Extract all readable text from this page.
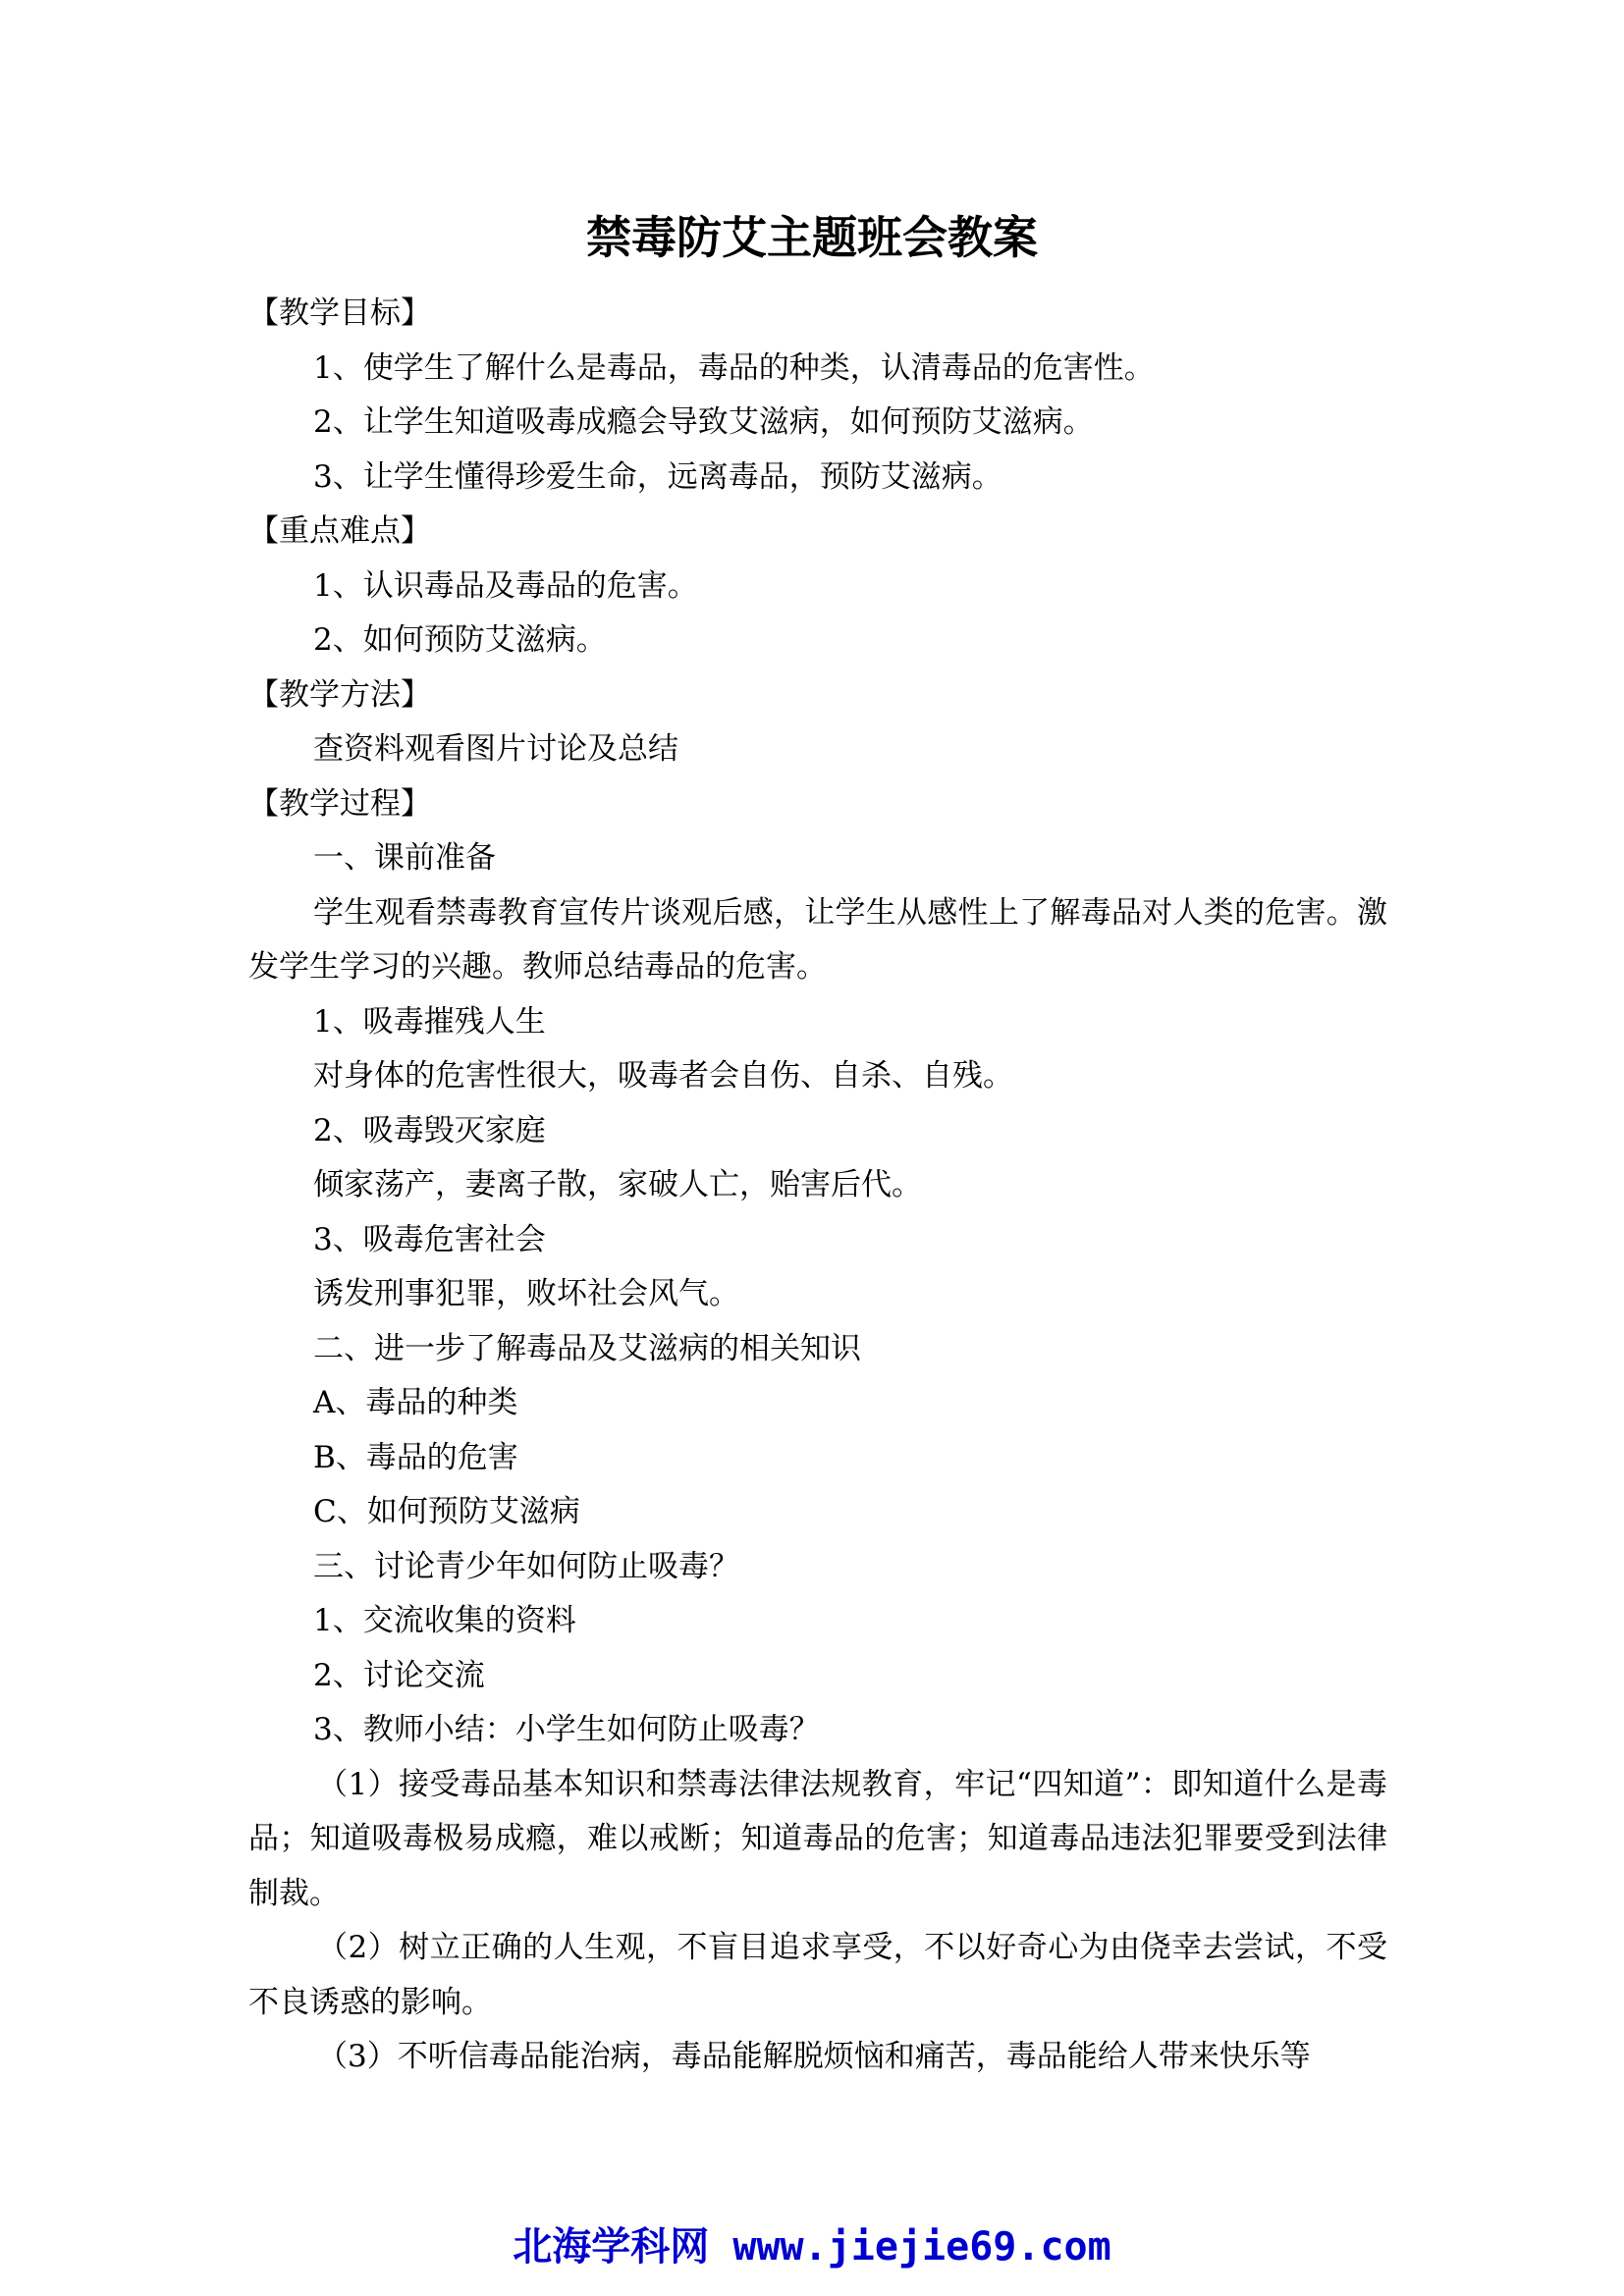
禁毒防艾主题班会教案
【教学目标】
1、使学生了解什么是毒品，毒品的种类，认清毒品的危害性。
2、让学生知道吸毒成瘾会导致艾滋病，如何预防艾滋病。
3、让学生懂得珍爱生命，远离毒品，预防艾滋病。
【重点难点】
1、认识毒品及毒品的危害。
2、如何预防艾滋病。
【教学方法】
查资料观看图片讨论及总结
【教学过程】
一、课前准备
学生观看禁毒教育宣传片谈观后感，让学生从感性上了解毒品对人类的危害。激发学生学习的兴趣。教师总结毒品的危害。
1、吸毒摧残人生
对身体的危害性很大，吸毒者会自伤、自杀、自残。
2、吸毒毁灭家庭
倾家荡产，妻离子散，家破人亡，贻害后代。
3、吸毒危害社会
诱发刑事犯罪，败坏社会风气。
二、进一步了解毒品及艾滋病的相关知识
A、毒品的种类
B、毒品的危害
C、如何预防艾滋病
三、讨论青少年如何防止吸毒？
1、交流收集的资料
2、讨论交流
3、教师小结：小学生如何防止吸毒？
（1）接受毒品基本知识和禁毒法律法规教育，牢记“四知道”：即知道什么是毒品；知道吸毒极易成瘾，难以戒断；知道毒品的危害；知道毒品违法犯罪要受到法律制裁。
（2）树立正确的人生观，不盲目追求享受，不以好奇心为由侥幸去尝试，不受不良诱惑的影响。
（3）不听信毒品能治病，毒品能解脱烦恼和痛苦，毒品能给人带来快乐等
北海学科网 www.jiejie69.com
